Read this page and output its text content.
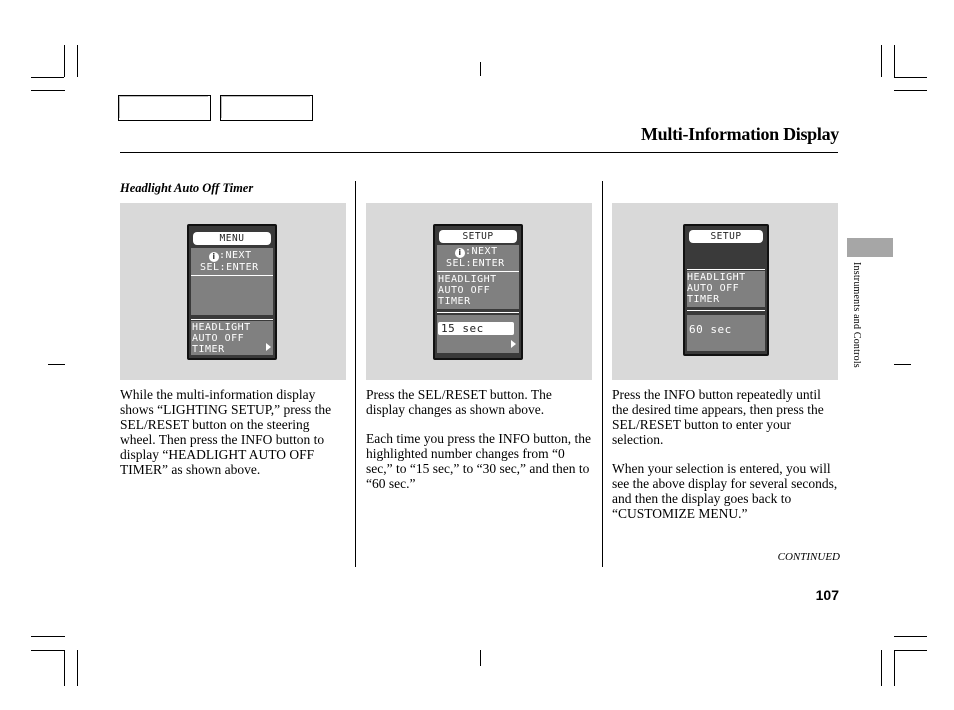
Multi-Information Display
Headlight Auto Off Timer
MENU
i :NEXT
SEL:ENTER
HEADLIGHT
AUTO OFF
TIMER
SETUP
i :NEXT
SEL:ENTER
HEADLIGHT
AUTO OFF
TIMER
15 sec
SETUP
HEADLIGHT
AUTO OFF
TIMER
60 sec

While the multi-information display shows “LIGHTING SETUP,” press the SEL/RESET button on the steering wheel. Then press the INFO button to display “HEADLIGHT AUTO OFF TIMER” as shown above.

Press the SEL/RESET button. The display changes as shown above.

Each time you press the INFO button, the highlighted number changes from “0 sec,” to “15 sec,” to “30 sec,” and then to “60 sec.”

Press the INFO button repeatedly until the desired time appears, then press the SEL/RESET button to enter your selection.

When your selection is entered, you will see the above display for several seconds, and then the display goes back to “CUSTOMIZE MENU.”

Instruments and Controls
CONTINUED
107
